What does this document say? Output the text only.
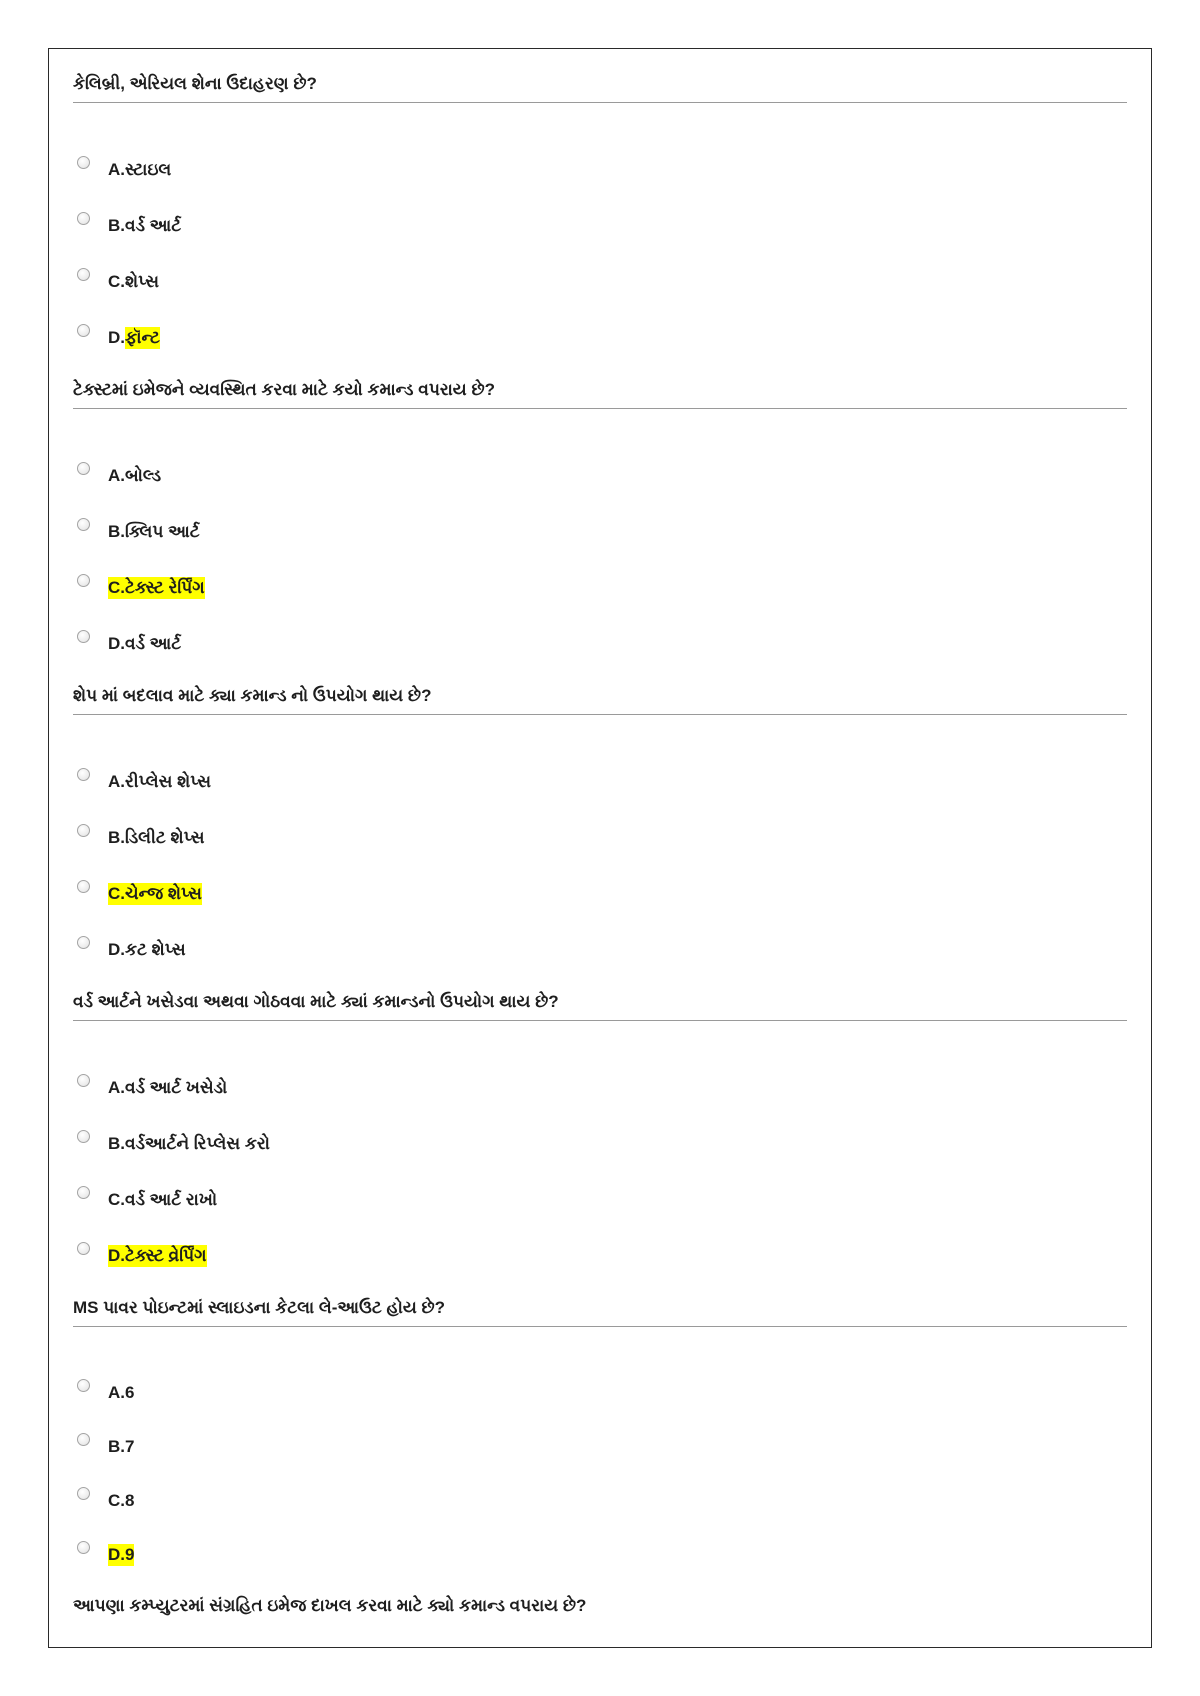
કેલિબ્રી, એરિયલ શેના ઉદાહરણ છે?
A.સ્ટાઇલ
B.વર્ડ આર્ટ
C.શેપ્સ
D.ફૉન્ટ
ટેક્સ્ટમાં ઇમેજને વ્યવસ્થિત કરવા માટે કયો કમાન્ડ વપરાય છે?
A.બોલ્ડ
B.ક્લિપ આર્ટ
C.ટેક્સ્ટ રેર્પિંગ
D.વર્ડ આર્ટ
શેપ માં બદલાવ માટે ક્યા કમાન્ડ નો ઉપયોગ થાય છે?
A.રીપ્લેસ શેપ્સ
B.ડિલીટ શેપ્સ
C.ચેન્જ શેપ્સ
D.કટ શેપ્સ
વર્ડ આર્ટને ખસેડવા અથવા ગોઠવવા માટે ક્યાં કમાન્ડનો ઉપયોગ થાય છે?
A.વર્ડ આર્ટ ખસેડો
B.વર્ડઆર્ટને રિપ્લેસ કરો
C.વર્ડ આર્ટ રાખો
D.ટેક્સ્ટ વ્રેર્પિંગ
MS પાવર પોઇન્ટમાં સ્લાઇડના કેટલા લે-આઉટ હોય છે?
A.6
B.7
C.8
D.9
આપણા કમ્પ્યુટરમાં સંગ્રહિત ઇમેજ દાખલ કરવા માટે ક્યો કમાન્ડ વપરાય છે?
